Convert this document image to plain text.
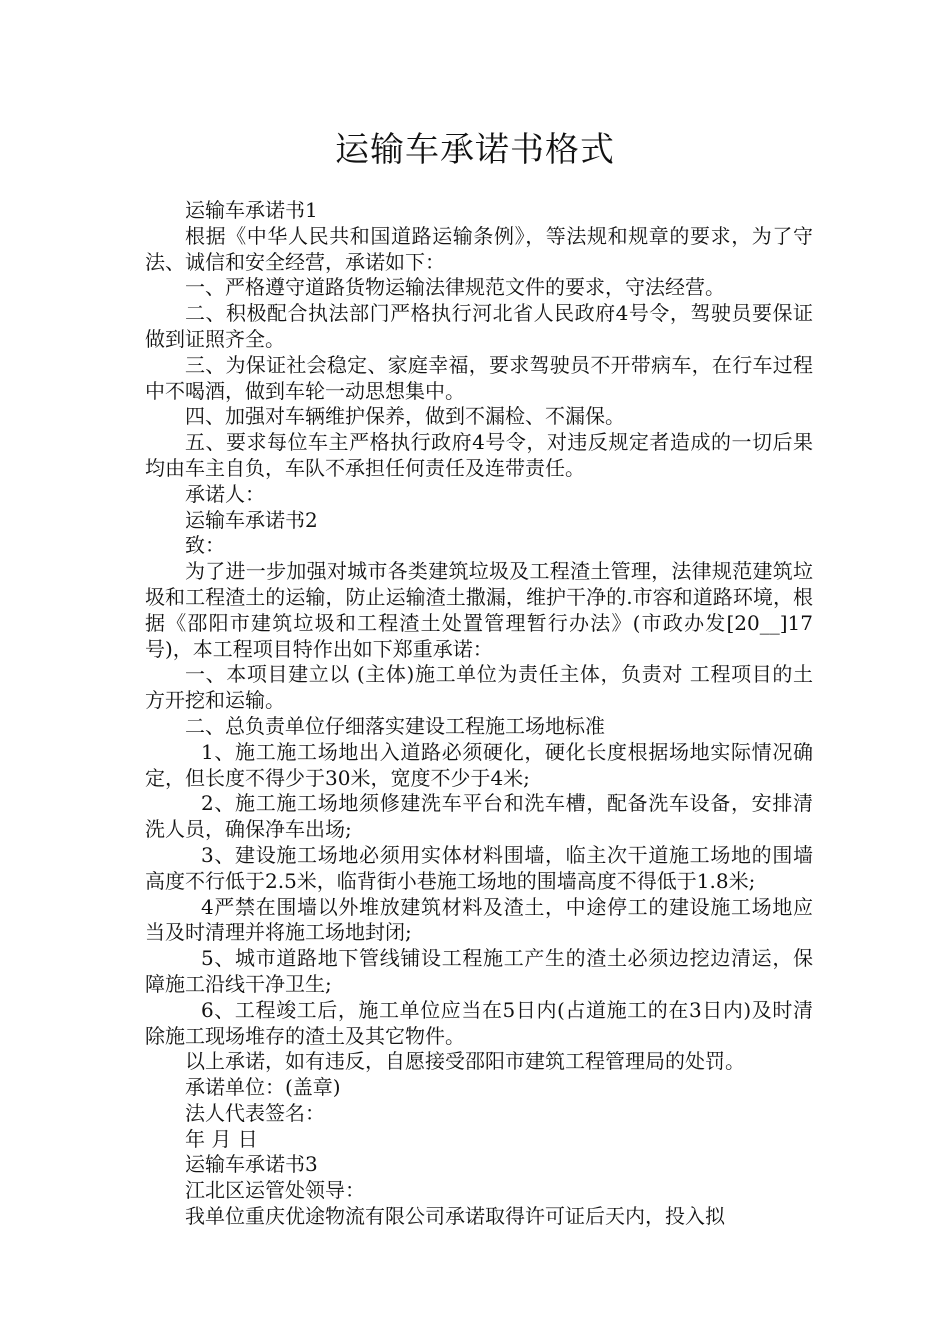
运输车承诺书格式

运输车承诺书1

根据《中华人民共和国道路运输条例》，等法规和规章的要求，为了守法、诚信和安全经营，承诺如下：

一、严格遵守道路货物运输法律规范文件的要求，守法经营。

二、积极配合执法部门严格执行河北省人民政府4号令，驾驶员要保证做到证照齐全。

三、为保证社会稳定、家庭幸福，要求驾驶员不开带病车，在行车过程中不喝酒，做到车轮一动思想集中。

四、加强对车辆维护保养，做到不漏检、不漏保。

五、要求每位车主严格执行政府4号令，对违反规定者造成的一切后果均由车主自负，车队不承担任何责任及连带责任。

承诺人：

运输车承诺书2

致：

为了进一步加强对城市各类建筑垃圾及工程渣土管理，法律规范建筑垃圾和工程渣土的运输，防止运输渣土撒漏，维护干净的.市容和道路环境，根据《邵阳市建筑垃圾和工程渣土处置管理暂行办法》(市政办发[20__]17号)，本工程项目特作出如下郑重承诺：

一、本项目建立以 (主体)施工单位为责任主体，负责对 工程项目的土方开挖和运输。

二、总负责单位仔细落实建设工程施工场地标准

1、施工施工场地出入道路必须硬化，硬化长度根据场地实际情况确定，但长度不得少于30米，宽度不少于4米;

2、施工施工场地须修建洗车平台和洗车槽，配备洗车设备，安排清洗人员，确保净车出场;

3、建设施工场地必须用实体材料围墙，临主次干道施工场地的围墙高度不行低于2.5米，临背街小巷施工场地的围墙高度不得低于1.8米;

4严禁在围墙以外堆放建筑材料及渣土，中途停工的建设施工场地应当及时清理并将施工场地封闭;

5、城市道路地下管线铺设工程施工产生的渣土必须边挖边清运，保障施工沿线干净卫生;

6、工程竣工后，施工单位应当在5日内(占道施工的在3日内)及时清除施工现场堆存的渣土及其它物件。

以上承诺，如有违反，自愿接受邵阳市建筑工程管理局的处罚。

承诺单位：(盖章)

法人代表签名：

年 月 日

运输车承诺书3

江北区运管处领导：

我单位重庆优途物流有限公司承诺取得许可证后天内，投入拟
